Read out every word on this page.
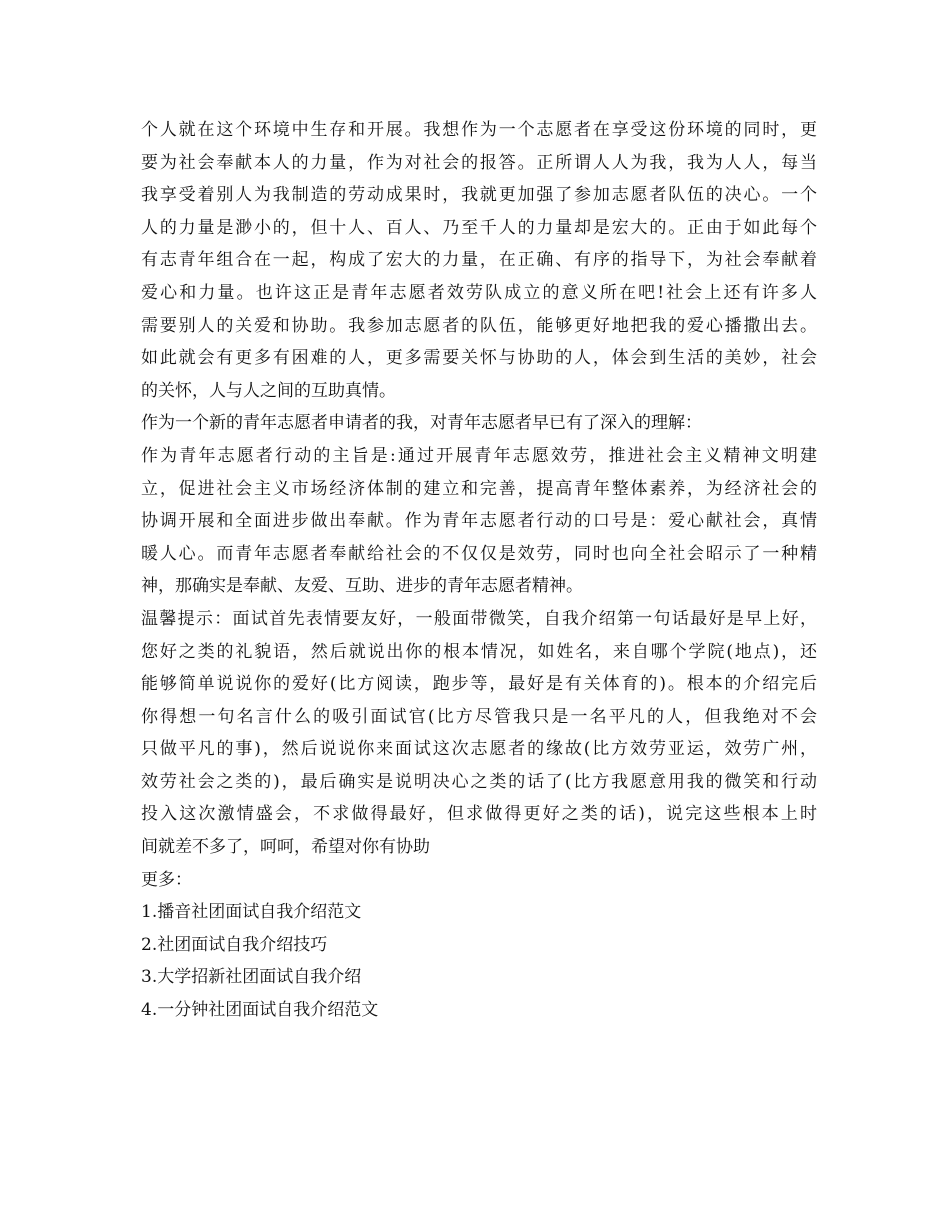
个人就在这个环境中生存和开展。我想作为一个志愿者在享受这份环境的同时，更
要为社会奉献本人的力量，作为对社会的报答。正所谓人人为我，我为人人，每当
我享受着别人为我制造的劳动成果时，我就更加强了参加志愿者队伍的决心。一个
人的力量是渺小的，但十人、百人、乃至千人的力量却是宏大的。正由于如此每个
有志青年组合在一起，构成了宏大的力量，在正确、有序的指导下，为社会奉献着
爱心和力量。也许这正是青年志愿者效劳队成立的意义所在吧!社会上还有许多人
需要别人的关爱和协助。我参加志愿者的队伍，能够更好地把我的爱心播撒出去。
如此就会有更多有困难的人，更多需要关怀与协助的人，体会到生活的美妙，社会
的关怀，人与人之间的互助真情。

作为一个新的青年志愿者申请者的我，对青年志愿者早已有了深入的理解：

作为青年志愿者行动的主旨是:通过开展青年志愿效劳，推进社会主义精神文明建
立，促进社会主义市场经济体制的建立和完善，提高青年整体素养，为经济社会的
协调开展和全面进步做出奉献。作为青年志愿者行动的口号是：爱心献社会，真情
暖人心。而青年志愿者奉献给社会的不仅仅是效劳，同时也向全社会昭示了一种精
神，那确实是奉献、友爱、互助、进步的青年志愿者精神。
温馨提示：面试首先表情要友好，一般面带微笑，自我介绍第一句话最好是早上好，
您好之类的礼貌语，然后就说出你的根本情况，如姓名，来自哪个学院(地点)，还
能够简单说说你的爱好(比方阅读，跑步等，最好是有关体育的)。根本的介绍完后
你得想一句名言什么的吸引面试官(比方尽管我只是一名平凡的人，但我绝对不会
只做平凡的事)，然后说说你来面试这次志愿者的缘故(比方效劳亚运，效劳广州，
效劳社会之类的)，最后确实是说明决心之类的话了(比方我愿意用我的微笑和行动
投入这次激情盛会，不求做得最好，但求做得更好之类的话)，说完这些根本上时
间就差不多了，呵呵，希望对你有协助

更多：

1.播音社团面试自我介绍范文

2.社团面试自我介绍技巧

3.大学招新社团面试自我介绍

4.一分钟社团面试自我介绍范文
